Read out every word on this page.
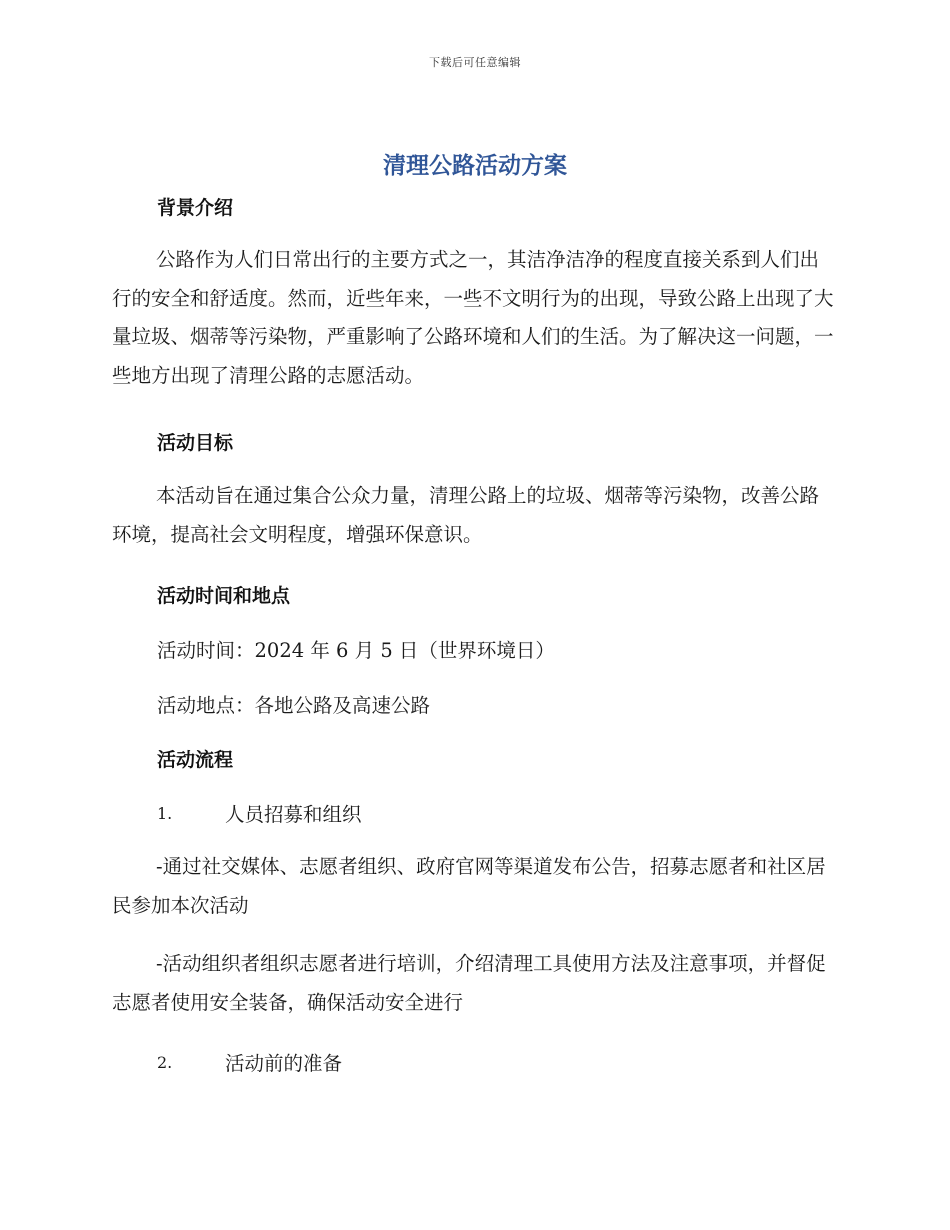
下载后可任意编辑
清理公路活动方案
背景介绍
公路作为人们日常出行的主要方式之一，其洁净洁净的程度直接关系到人们出行的安全和舒适度。然而，近些年来，一些不文明行为的出现，导致公路上出现了大量垃圾、烟蒂等污染物，严重影响了公路环境和人们的生活。为了解决这一问题，一些地方出现了清理公路的志愿活动。
活动目标
本活动旨在通过集合公众力量，清理公路上的垃圾、烟蒂等污染物，改善公路环境，提高社会文明程度，增强环保意识。
活动时间和地点
活动时间：2024 年 6 月 5 日（世界环境日）
活动地点：各地公路及高速公路
活动流程
1.	人员招募和组织
-通过社交媒体、志愿者组织、政府官网等渠道发布公告，招募志愿者和社区居民参加本次活动
-活动组织者组织志愿者进行培训，介绍清理工具使用方法及注意事项，并督促志愿者使用安全装备，确保活动安全进行
2.	活动前的准备
